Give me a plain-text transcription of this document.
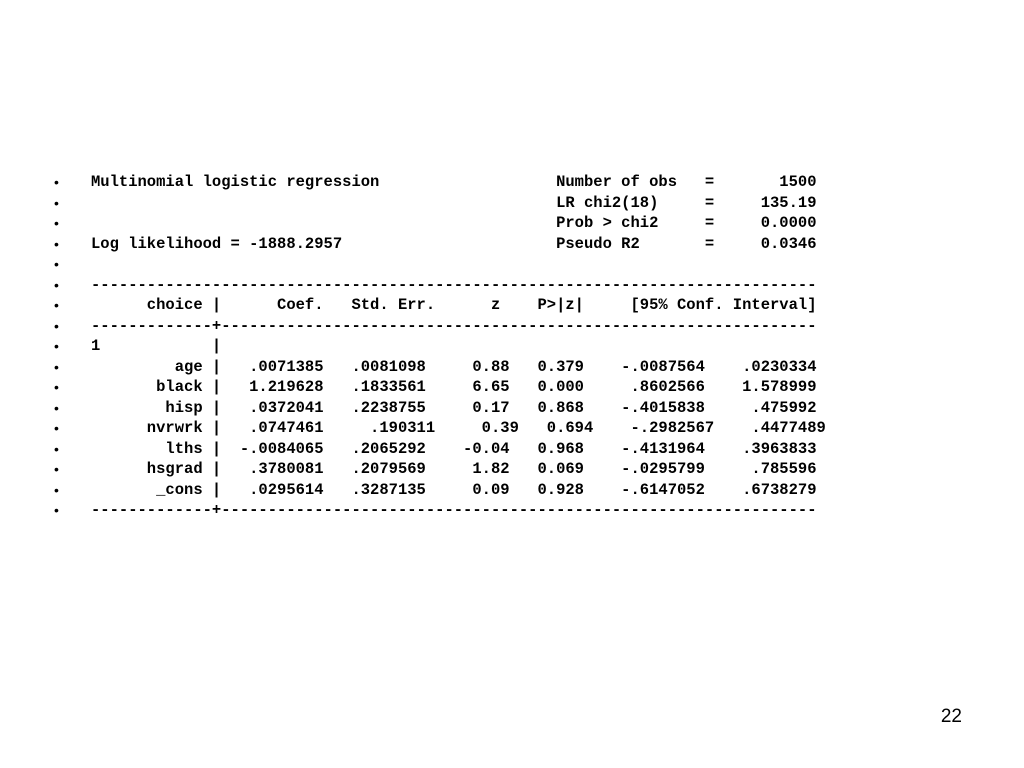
• Multinomial logistic regression                   Number of obs   =       1500
• LR chi2(18)     =     135.19
• Prob > chi2     =     0.0000
• Log likelihood = -1888.2957                       Pseudo R2       =     0.0346
•
• ------------------------------------------------------------------------------
• choice |      Coef.   Std. Err.      z    P>|z|     [95% Conf. Interval]
• -------------+----------------------------------------------------------------
• 1            |
• age |   .0071385   .0081098     0.88   0.379    -.0087564    .0230334
• black |   1.219628   .1833561     6.65   0.000     .8602566    1.578999
• hisp |   .0372041   .2238755     0.17   0.868    -.4015838     .475992
• nvrwrk |   .0747461     .190311     0.39   0.694    -.2982567    .4477489
• lths |  -.0084065   .2065292    -0.04   0.968    -.4131964    .3963833
• hsgrad |   .3780081   .2079569     1.82   0.069    -.0295799     .785596
• _cons |   .0295614   .3287135     0.09   0.928    -.6147052    .6738279
• -------------+----------------------------------------------------------------
22
